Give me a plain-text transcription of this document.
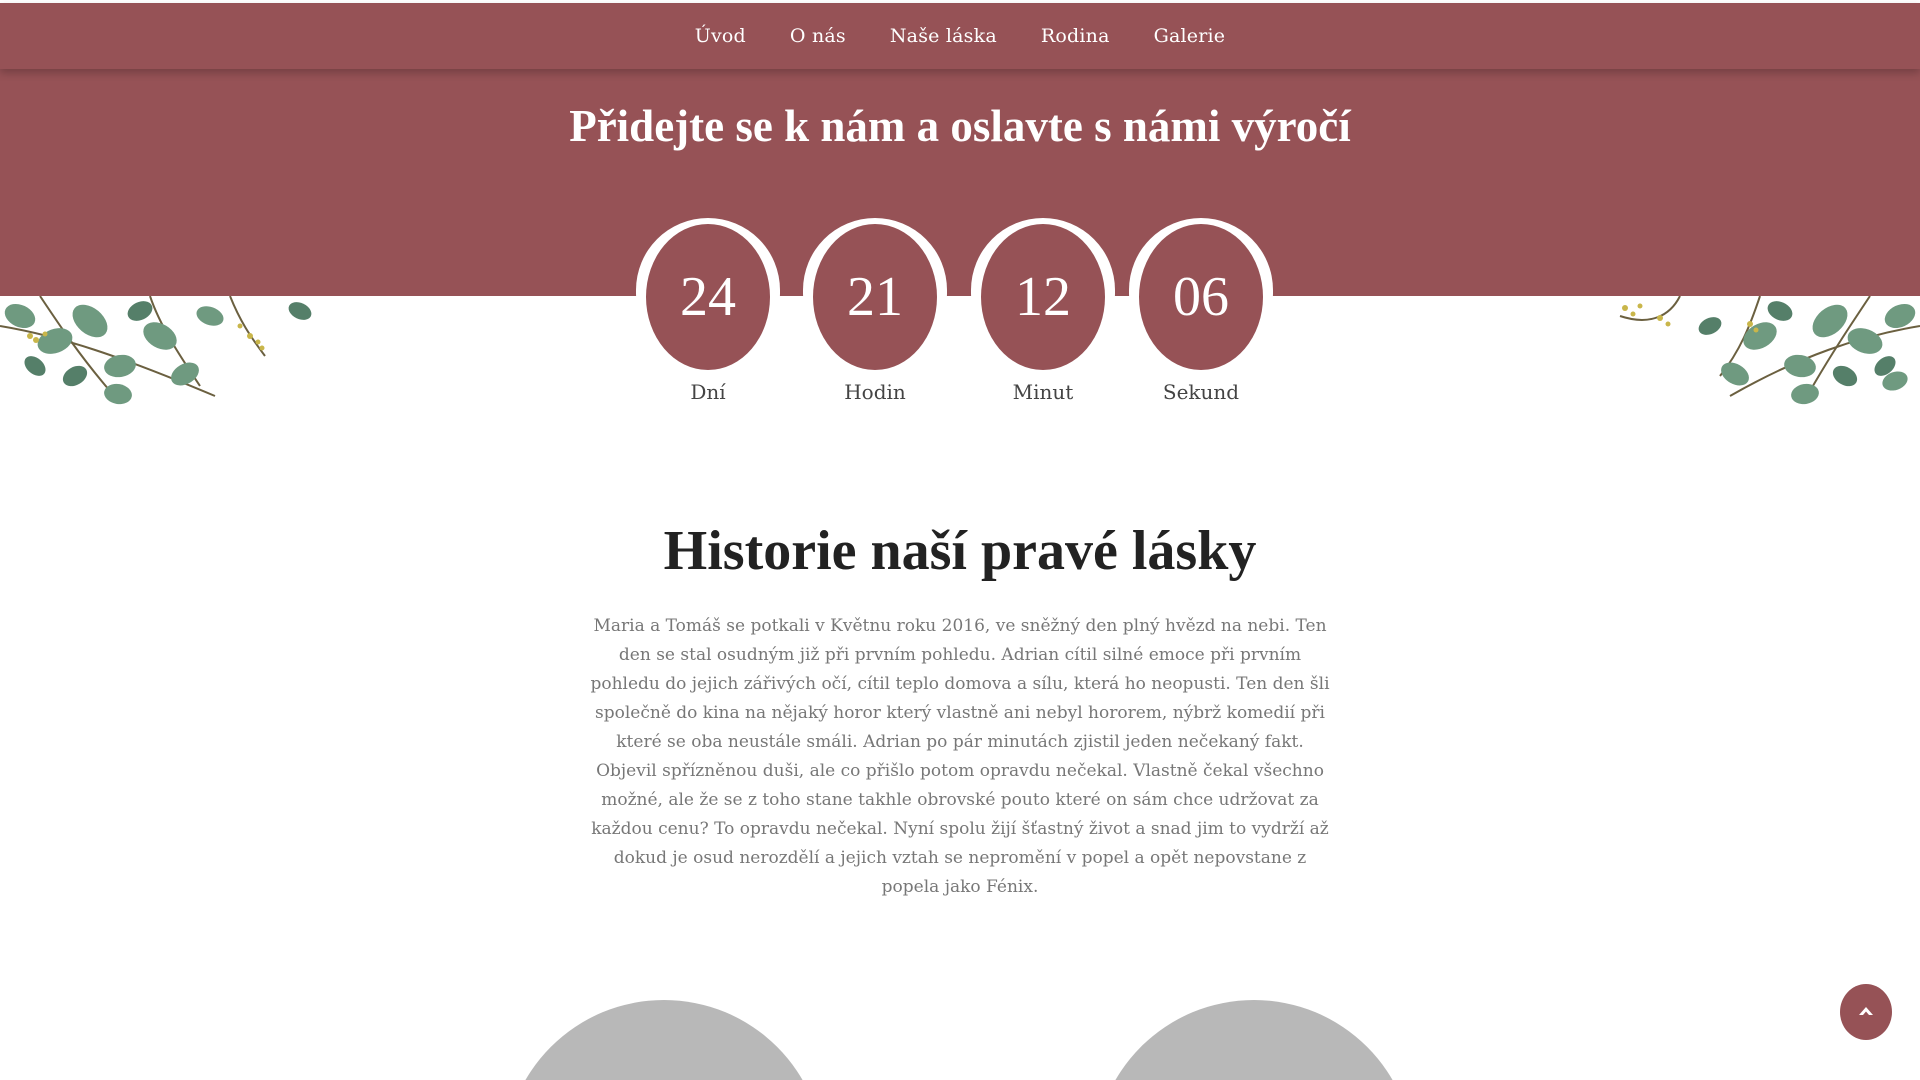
Úvod O nás Naše láska Rodina Galerie
Přidejte se k nám a oslavte s námi výročí
24
Dní
21
Hodin
12
Minut
06
Sekund
Historie naší pravé lásky

Maria a Tomáš se potkali v Květnu roku 2016, ve sněžný den plný hvězd na nebi. Ten den se stal osudným již při prvním pohledu. Adrian cítil silné emoce při prvním pohledu do jejich zářivých očí, cítil teplo domova a sílu, která ho neopusti. Ten den šli společně do kina na nějaký horor který vlastně ani nebyl hororem, nýbrž komedií při které se oba neustále smáli. Adrian po pár minutách zjistil jeden nečekaný fakt. Objevil spřízněnou duši, ale co přišlo potom opravdu nečekal. Vlastně čekal všechno možné, ale že se z toho stane takhle obrovské pouto které on sám chce udržovat za každou cenu? To opravdu nečekal. Nyní spolu žijí šťastný život a snad jim to vydrží až dokud je osud nerozdělí a jejich vztah se nepromění v popel a opět nepovstane z popela jako Fénix.
